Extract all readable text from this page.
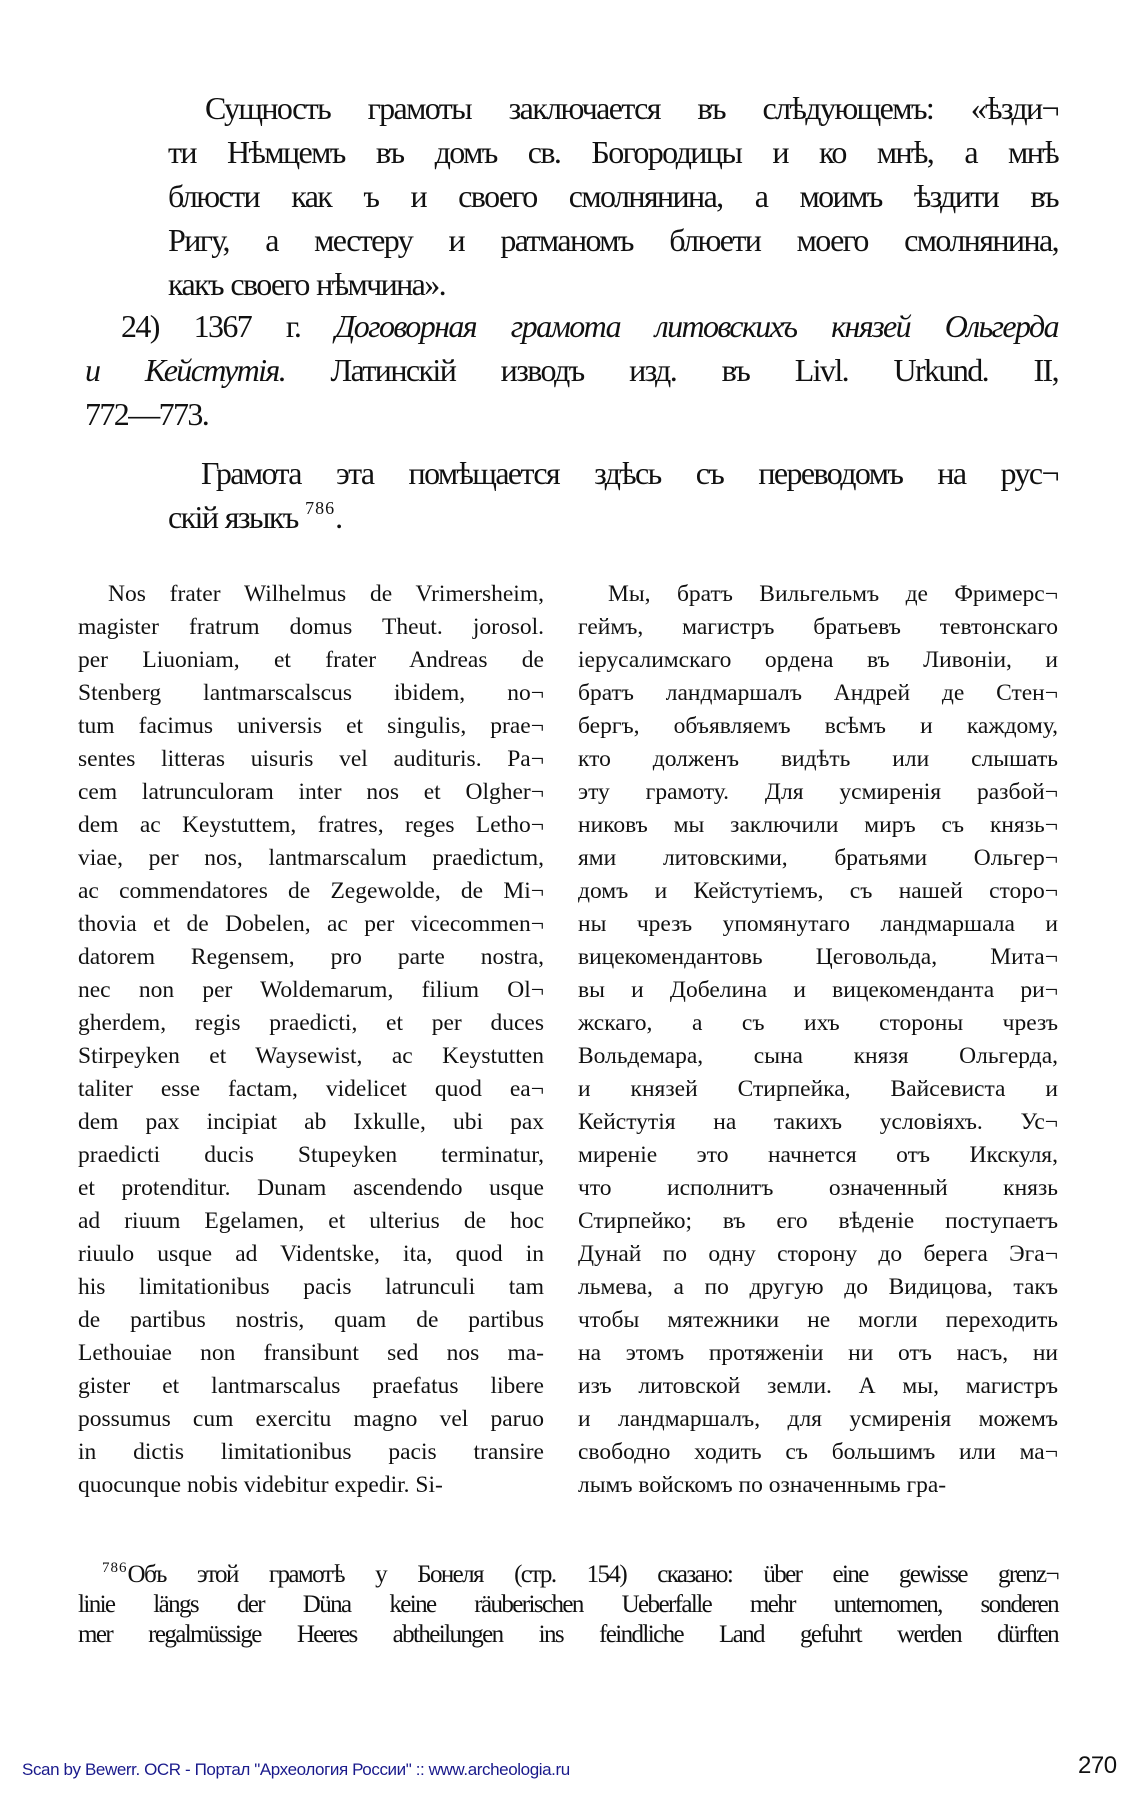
Сущность грамоты заключается въ слѣдующемъ: «ѣзди¬
ти Нѣмцемъ въ домъ св. Богородицы и ко мнѣ, а мнѣ
блюсти как ъ и своего смолнянина, а моимъ ѣздити въ
Ригу, а местеру и ратманомъ блюети моего смолнянина,
какъ своего нѣмчина».
24) 1367 г. Договорная грамота литовскихъ князей Ольгерда
и Кейстутія. Латинскій изводъ изд. въ Livl. Urkund. II,
772—773.
Грамота эта помѣщается здѣсь съ переводомъ на рус¬
скій языкъ $^{786}$.
Nos frater Wilhelmus de Vrimersheim,
magister fratrum domus Theut. jorosol.
per Liuoniam, et frater Andreas de
Stenberg lantmarscalscus ibidem, no¬
tum facimus universis et singulis, prae¬
sentes litteras uisuris vel audituris. Pa¬
cem latrunculoram inter nos et Olgher¬
dem ac Keystuttem, fratres, reges Letho¬
viae, per nos, lantmarscalum praedictum,
ac commendatores de Zegewolde, de Mi¬
thovia et de Dobelen, ac per vicecommen¬
datorem Regensem, pro parte nostra,
nec non per Woldemarum, filium Ol¬
gherdem, regis praedicti, et per duces
Stirpeyken et Waysewist, ac Keystutten
taliter esse factam, videlicet quod ea¬
dem pax incipiat ab Ixkulle, ubi pax
praedicti ducis Stupeyken terminatur,
et protenditur. Dunam ascendendo usque
ad riuum Egelamen, et ulterius de hoc
riuulo usque ad Videntske, ita, quod in
his limitationibus pacis latrunculi tam
de partibus nostris, quam de partibus
Lethouiae non fransibunt sed nos ma-
gister et lantmarscalus praefatus libere
possumus cum exercitu magno vel paruo
in dictis limitationibus pacis transire
quocunque nobis videbitur expedir. Si-
Мы, братъ Вильгельмъ де Фримерс¬
геймъ, магистръ братьевъ тевтонскаго
іерусалимскаго ордена въ Ливоніи, и
братъ ландмаршалъ Андрей де Стен¬
бергъ, объявляемъ всѣмъ и каждому,
кто долженъ видѣть или слышать
эту грамоту. Для усмиренія разбой¬
никовъ мы заключили миръ съ князь¬
ями литовскими, братьями Ольгер¬
домъ и Кейстутіемъ, съ нашей сторо¬
ны чрезъ упомянутаго ландмаршала и
вицекомендантовь Цеговольда, Мита¬
вы и Добелина и вицекоменданта ри¬
жскаго, а съ ихъ стороны чрезъ
Вольдемара, сына князя Ольгерда,
и князей Стирпейка, Вайсевиста и
Кейстутія на такихъ условіяхъ. Ус¬
миреніе это начнется отъ Икскуля,
что исполнитъ означенный князь
Стирпейко; въ его вѣденіе поступаетъ
Дунай по одну сторону до берега Эга¬
льмева, а по другую до Видицова, такъ
чтобы мятежники не могли переходить
на этомъ протяженіи ни отъ насъ, ни
изъ литовской земли. А мы, магистръ
и ландмаршалъ, для усмиренія можемъ
свободно ходить съ большимъ или ма¬
лымъ войскомъ по означеннымь гра-
$^{786}$Объ этой грамотѣ у Бонеля (стр. 154) сказано: über eine gewisse grenz¬
linie längs der Düna keine räuberischen Ueberfalle mehr unternomen, sonderen
mer regalmüssige Heeres abtheilungen ins feindliche Land gefuhrt werden dürften
Scan by Bewerr. OCR - Портал "Археология России" :: www.archeologia.ru	270
